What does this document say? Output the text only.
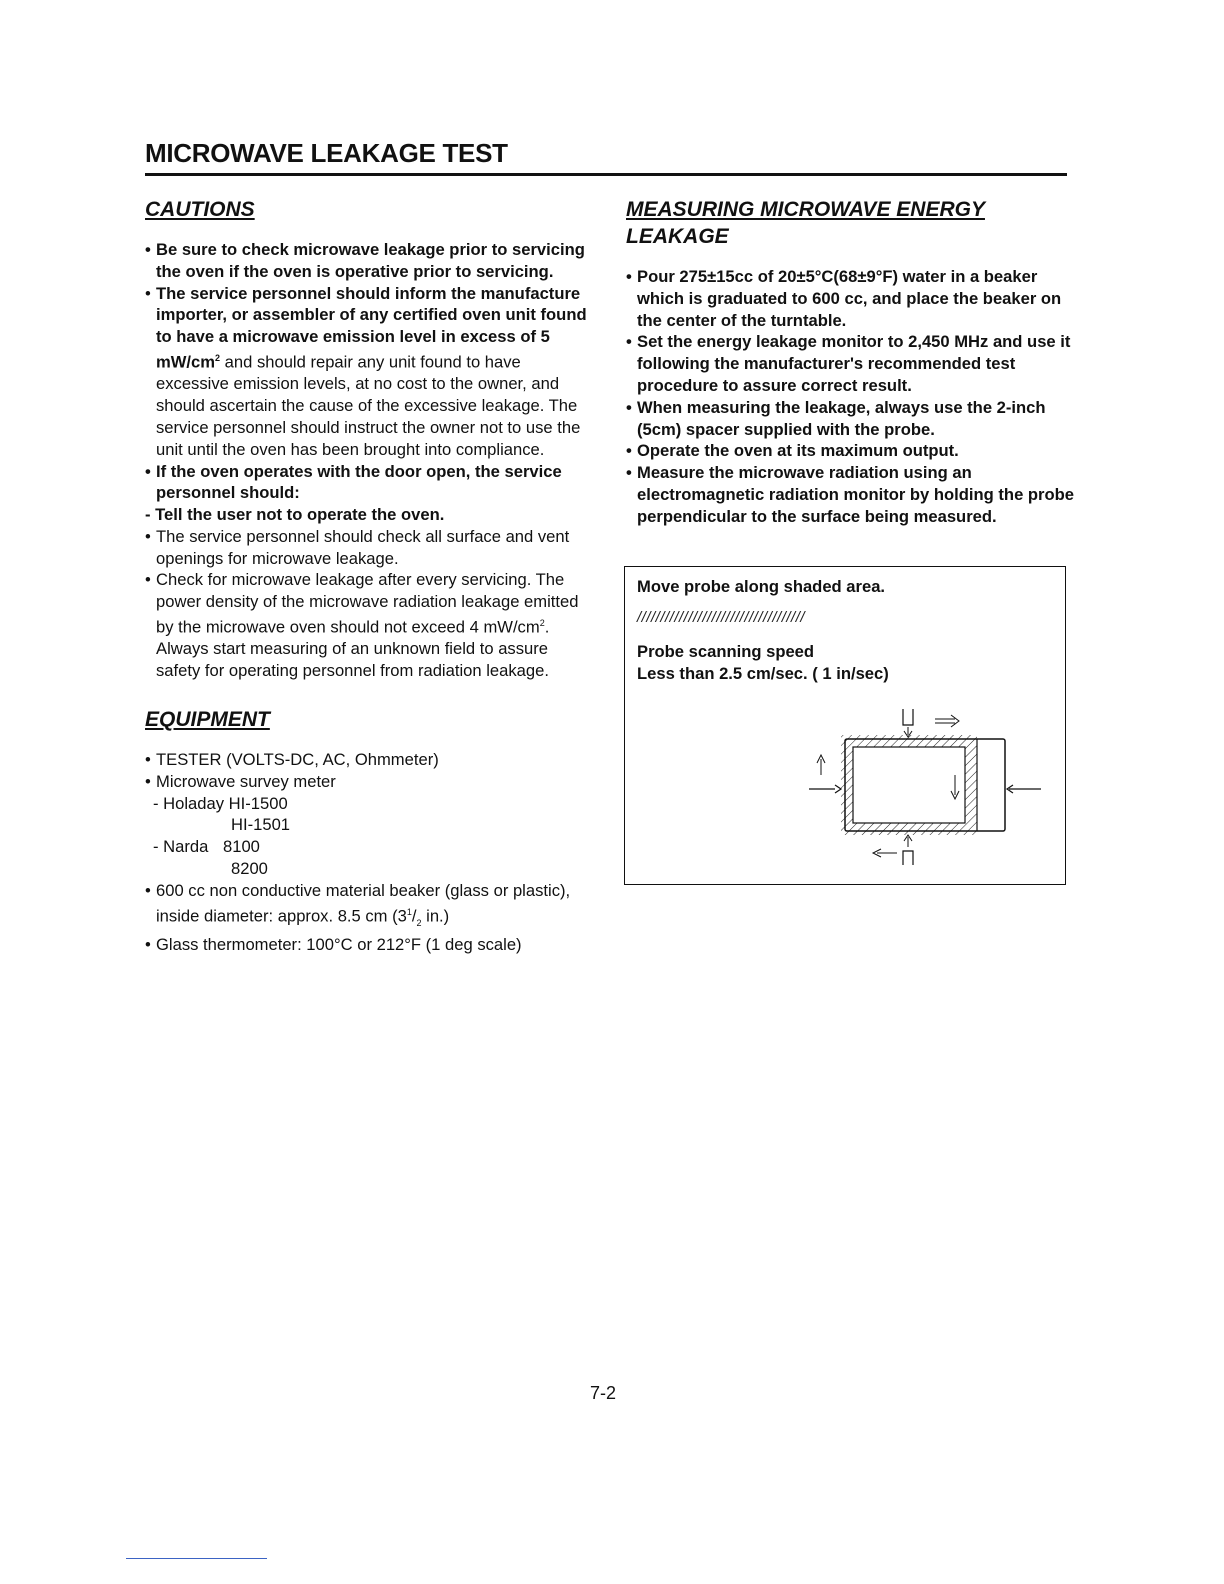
MICROWAVE LEAKAGE TEST
CAUTIONS
• Be sure to check microwave leakage prior to servicing the oven if the oven is operative prior to servicing.
• The service personnel should inform the manufacture importer, or assembler of any certified oven unit found to have a microwave emission level in excess of 5 $mW/cm^2$ and should repair any unit found to have excessive emission levels, at no cost to the owner, and should ascertain the cause of the excessive leakage. The service personnel should instruct the owner not to use the unit until the oven has been brought into compliance.
• If the oven operates with the door open, the service personnel should:
- Tell the user not to operate the oven.
• The service personnel should check all surface and vent openings for microwave leakage.
• Check for microwave leakage after every servicing. The power density of the microwave radiation leakage emitted by the microwave oven should not exceed 4 $mW/cm^2$. Always start measuring of an unknown field to assure safety for operating personnel from radiation leakage.
EQUIPMENT
• TESTER (VOLTS-DC, AC, Ohmmeter)
• Microwave survey meter
- Holaday HI-1500
HI-1501
- Narda 8100
8200
• 600 cc non conductive material beaker (glass or plastic), inside diameter: approx. 8.5 cm ($3^1/_2$ in.)
• Glass thermometer: 100°C or 212°F (1 deg scale)
MEASURING MICROWAVE ENERGY
LEAKAGE
• Pour 275±15cc of 20±5°C(68±9°F) water in a beaker which is graduated to 600 cc, and place the beaker on the center of the turntable.
• Set the energy leakage monitor to 2,450 MHz and use it following the manufacturer's recommended test procedure to assure correct result.
• When measuring the leakage, always use the 2-inch (5cm) spacer supplied with the probe.
• Operate the oven at its maximum output.
• Measure the microwave radiation using an electromagnetic radiation monitor by holding the probe perpendicular to the surface being measured.
Move probe along shaded area.
////////////////////////////////////
Probe scanning speed
Less than 2.5 cm/sec. ( 1 in/sec)
7-2
